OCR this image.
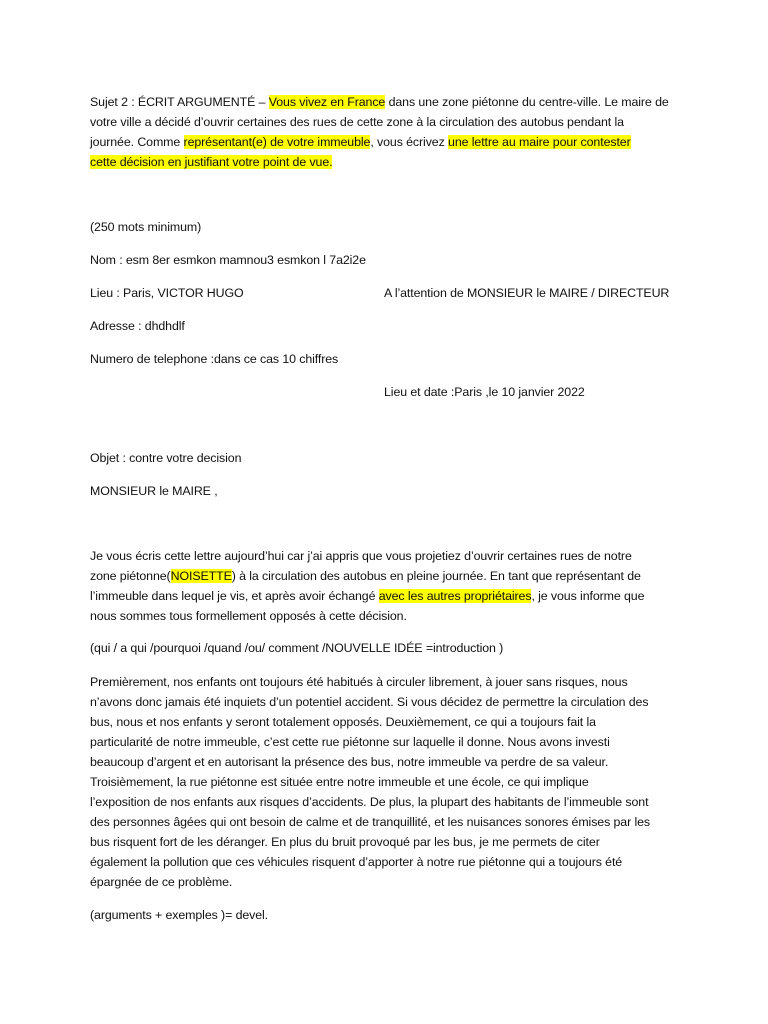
Sujet 2 : ÉCRIT ARGUMENTÉ – Vous vivez en France dans une zone piétonne du centre-ville. Le maire de
votre ville a décidé d’ouvrir certaines des rues de cette zone à la circulation des autobus pendant la
journée. Comme représentant(e) de votre immeuble, vous écrivez une lettre au maire pour contester
cette décision en justifiant votre point de vue.
(250 mots minimum)
Nom : esm 8er esmkon mamnou3 esmkon l 7a2i2e
Lieu : Paris, VICTOR HUGO	A l’attention de MONSIEUR le MAIRE / DIRECTEUR
Adresse : dhdhdlf
Numero de telephone :dans ce cas 10 chiffres
Lieu et date :Paris ,le 10 janvier 2022
Objet : contre votre decision
MONSIEUR le MAIRE ,
Je vous écris cette lettre aujourd’hui car j’ai appris que vous projetiez d’ouvrir certaines rues de notre
zone piétonne(NOISETTE) à la circulation des autobus en pleine journée. En tant que représentant de
l’immeuble dans lequel je vis, et après avoir échangé avec les autres propriétaires, je vous informe que
nous sommes tous formellement opposés à cette décision.
(qui / a qui /pourquoi /quand /ou/ comment /NOUVELLE IDÉE =introduction )
Premièrement, nos enfants ont toujours été habitués à circuler librement, à jouer sans risques, nous
n’avons donc jamais été inquiets d’un potentiel accident. Si vous décidez de permettre la circulation des
bus, nous et nos enfants y seront totalement opposés. Deuxièmement, ce qui a toujours fait la
particularité de notre immeuble, c’est cette rue piétonne sur laquelle il donne. Nous avons investi
beaucoup d’argent et en autorisant la présence des bus, notre immeuble va perdre de sa valeur.
Troisièmement, la rue piétonne est située entre notre immeuble et une école, ce qui implique
l’exposition de nos enfants aux risques d’accidents. De plus, la plupart des habitants de l’immeuble sont
des personnes âgées qui ont besoin de calme et de tranquillité, et les nuisances sonores émises par les
bus risquent fort de les déranger. En plus du bruit provoqué par les bus, je me permets de citer
également la pollution que ces véhicules risquent d’apporter à notre rue piétonne qui a toujours été
épargnée de ce problème.
(arguments + exemples )= devel.
